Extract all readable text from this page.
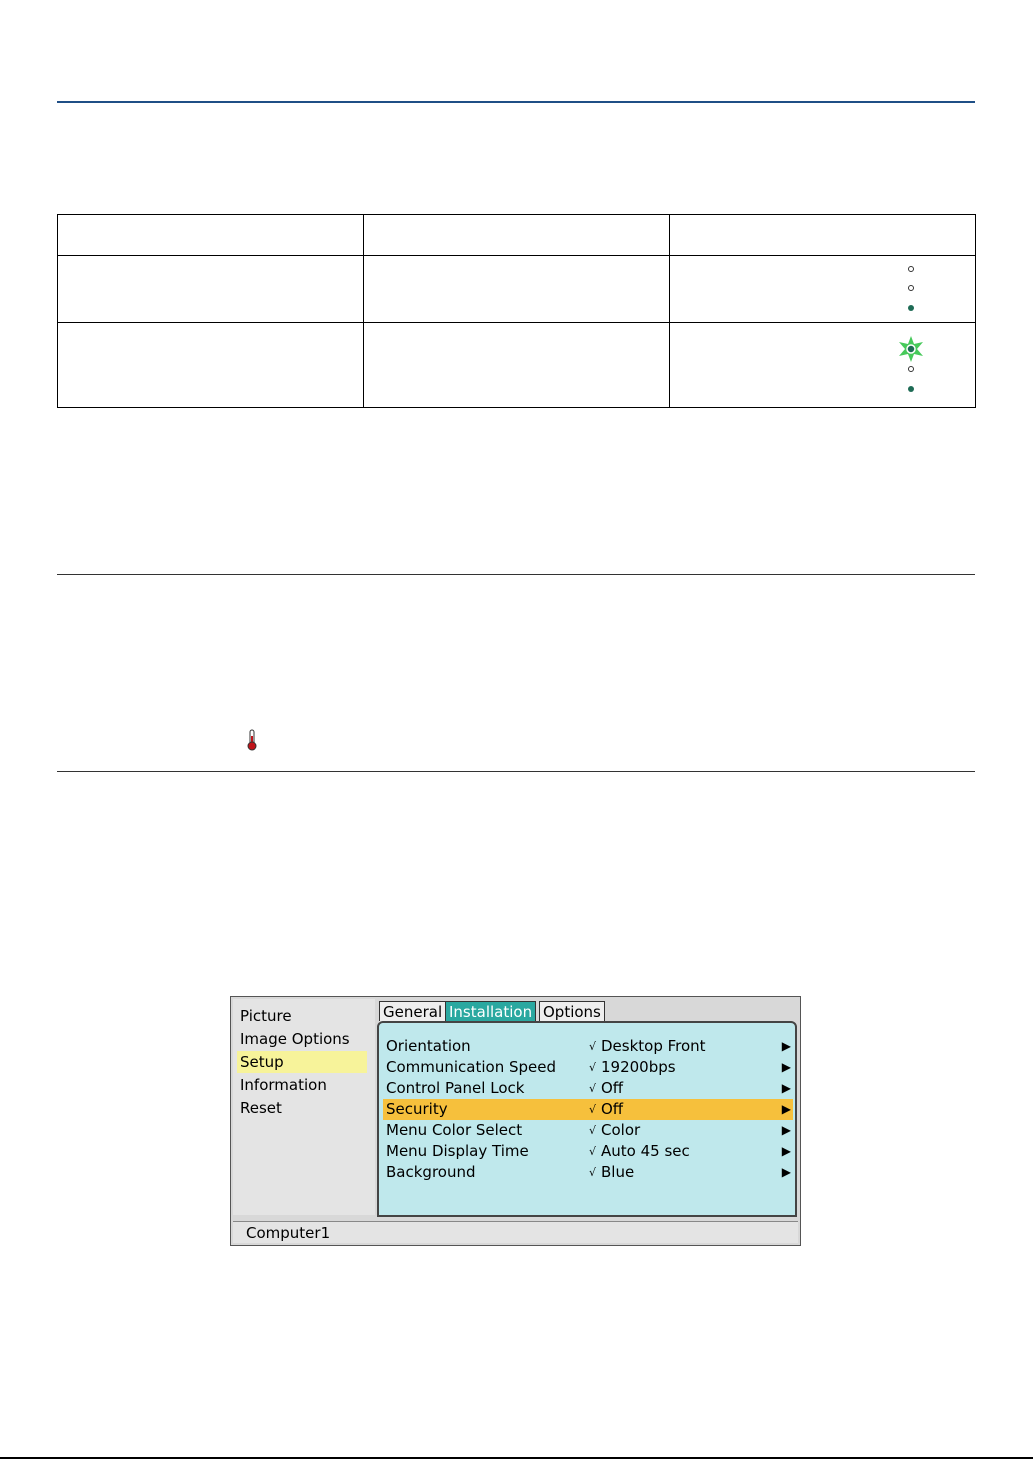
Picture
Image Options
Setup
Information
Reset
General Installation Options
Orientation	√ Desktop Front	▶
Communication Speed	√ 19200bps	▶
Control Panel Lock	√ Off	▶
Security	√ Off	▶
Menu Color Select	√ Color	▶
Menu Display Time	√ Auto 45 sec	▶
Background	√ Blue	▶
Computer1
